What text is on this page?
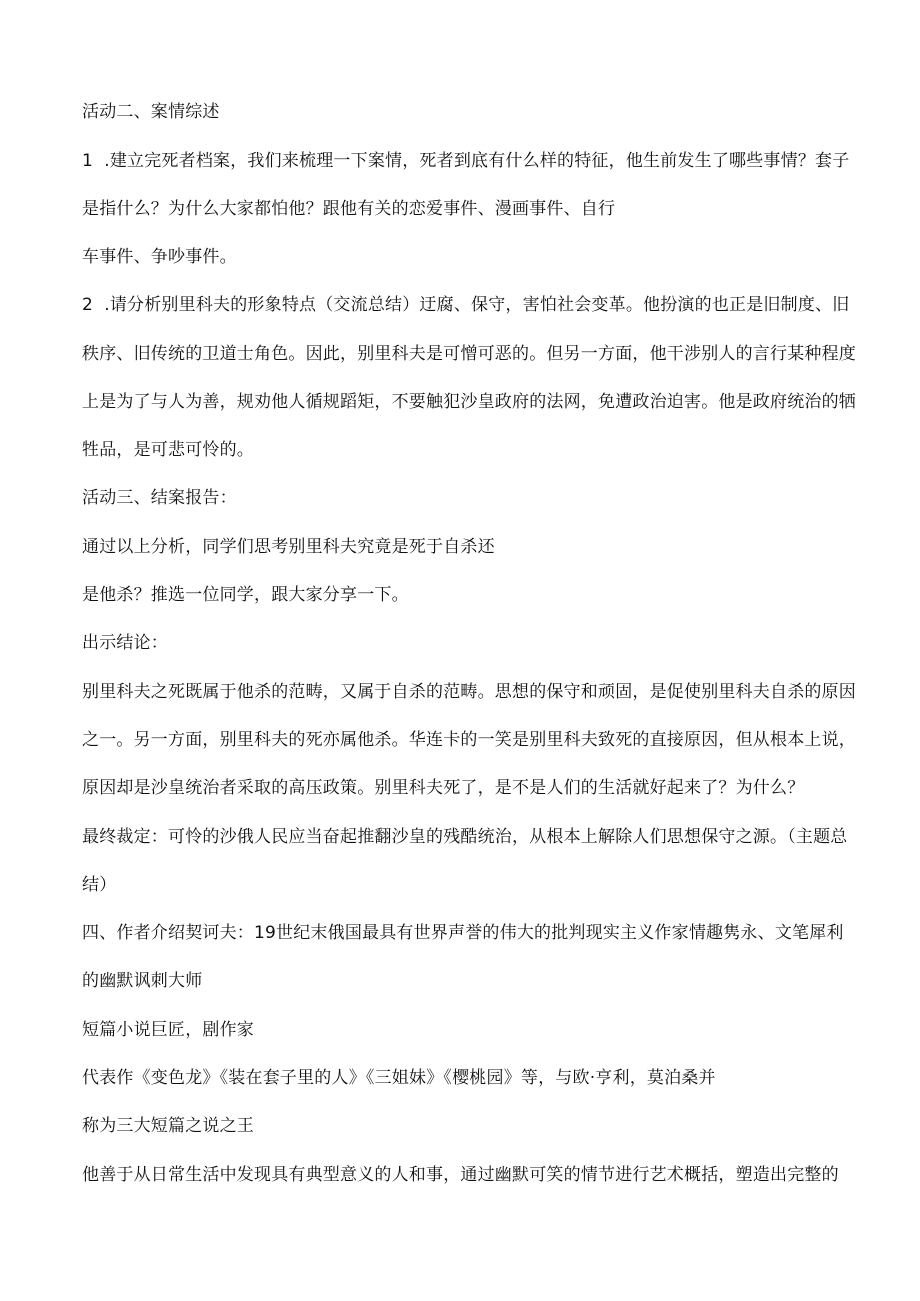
活动二、案情综述
1  .建立完死者档案，我们来梳理一下案情，死者到底有什么样的特征，他生前发生了哪些事情？套子
是指什么？为什么大家都怕他？跟他有关的恋爱事件、漫画事件、自行
车事件、争吵事件。
2  .请分析别里科夫的形象特点（交流总结）迂腐、保守，害怕社会变革。他扮演的也正是旧制度、旧
秩序、旧传统的卫道士角色。因此，别里科夫是可憎可恶的。但另一方面，他干涉别人的言行某种程度
上是为了与人为善，规劝他人循规蹈矩，不要触犯沙皇政府的法网，免遭政治迫害。他是政府统治的牺
牲品，是可悲可怜的。
活动三、结案报告：
通过以上分析，同学们思考别里科夫究竟是死于自杀还
是他杀？推选一位同学，跟大家分享一下。
出示结论：
别里科夫之死既属于他杀的范畴，又属于自杀的范畴。思想的保守和顽固，是促使别里科夫自杀的原因
之一。另一方面，别里科夫的死亦属他杀。华连卡的一笑是别里科夫致死的直接原因，但从根本上说，
原因却是沙皇统治者采取的高压政策。别里科夫死了，是不是人们的生活就好起来了？为什么？
最终裁定：可怜的沙俄人民应当奋起推翻沙皇的残酷统治，从根本上解除人们思想保守之源。（主题总
结）
四、作者介绍契诃夫：19世纪末俄国最具有世界声誉的伟大的批判现实主义作家情趣隽永、文笔犀利
的幽默讽刺大师
短篇小说巨匠，剧作家
代表作《变色龙》《装在套子里的人》《三姐妹》《樱桃园》等，与欧·亨利，莫泊桑并
称为三大短篇之说之王
他善于从日常生活中发现具有典型意义的人和事，通过幽默可笑的情节进行艺术概括，塑造出完整的
